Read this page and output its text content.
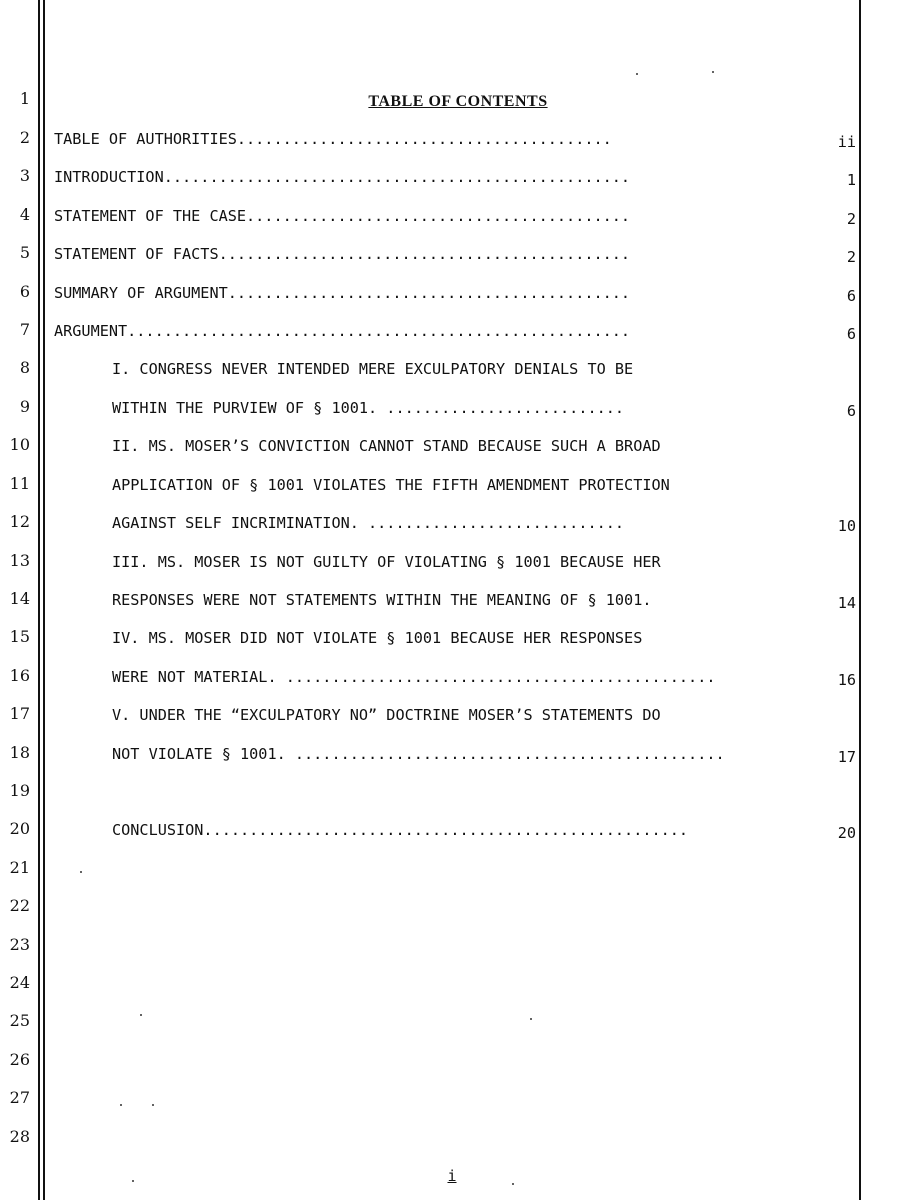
1
2
3
4
5
6
7
8
9
10
11
12
13
14
15
16
17
18
19
20
21
22
23
24
25
26
27
28
TABLE OF CONTENTS
TABLE OF AUTHORITIES.........................................	ii
INTRODUCTION...................................................	1
STATEMENT OF THE CASE..........................................	2
STATEMENT OF FACTS.............................................	2
SUMMARY OF ARGUMENT............................................	6
ARGUMENT.......................................................	6
I. CONGRESS NEVER INTENDED MERE EXCULPATORY DENIALS TO BE
WITHIN THE PURVIEW OF § 1001. ..........................	6
II. MS. MOSER’S CONVICTION CANNOT STAND BECAUSE SUCH A BROAD
APPLICATION OF § 1001 VIOLATES THE FIFTH AMENDMENT PROTECTION
AGAINST SELF INCRIMINATION. ............................	10
III. MS. MOSER IS NOT GUILTY OF VIOLATING § 1001 BECAUSE HER
RESPONSES WERE NOT STATEMENTS WITHIN THE MEANING OF § 1001.	14
IV. MS. MOSER DID NOT VIOLATE § 1001 BECAUSE HER RESPONSES
WERE NOT MATERIAL. ...............................................	16
V. UNDER THE “EXCULPATORY NO” DOCTRINE MOSER’S STATEMENTS DO
NOT VIOLATE § 1001. ...............................................	17
CONCLUSION.....................................................	20
i
